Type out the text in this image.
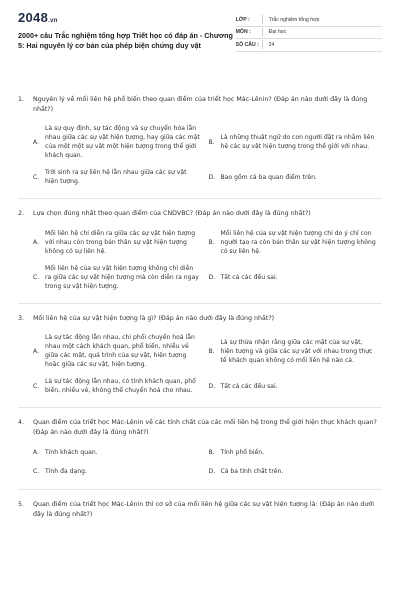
2048.vn
2000+ câu Trắc nghiệm tổng hợp Triết học có đáp án - Chương 5: Hai nguyên lý cơ bản của phép biện chứng duy vật
LỚP :	Trắc nghiệm tổng hợp
MÔN :	Đại học
SỐ CÂU :	24
1.	Nguyên lý về mối liên hệ phổ biến theo quan điểm của triết học Mác-Lênin? (Đáp án nào dưới đây là đúng nhất?)
A.
Là sự quy định, sự tác động và sự chuyển hóa lẫn nhau giữa các sự vật hiện tượng, hay giữa các mặt của một một sự vật một hiện tượng trong thế giới khách quan.
B.
Là những thuật ngữ do con người đặt ra nhằm liên hệ các sự vật hiện tượng trong thế giới với nhau.
C.
Trời sinh ra sự liên hệ lẫn nhau giữa các sự vật hiện tượng.
D. Bao gồm cả ba quan điểm trên.
2.	Lựa chọn đúng nhất theo quan điểm của CNDVBC? (Đáp án nào dưới đây là đúng nhất?)
A.
Mối liên hệ chỉ diễn ra giữa các sự vật hiện tượng với nhau còn trong bản thân sự vật hiện tượng không có sự liên hệ.
B.
Mối liên hệ của sự vật hiện tượng chỉ do ý chí con người tạo ra còn bản thân sự vật hiện tượng không có sự liên hệ.
C.
Mối liên hệ của sự vật hiện tượng không chỉ diễn ra giữa các sự vật hiện tượng mà còn diễn ra ngay trong sự vật hiện tượng.
D. Tất cả các đều sai.
3.	Mối liên hệ của sự vật hiện tượng là gì? (Đáp án nào dưới đây là đúng nhất?)
A.
Là sự tác động lẫn nhau, chi phối chuyển hoá lẫn nhau một cách khách quan, phổ biến, nhiều vẻ giữa các mặt, quá trình của sự vật, hiện tượng hoặc giữa các sự vật, hiện tượng.
B.
Là sự thừa nhận rằng giữa các mặt của sự vật, hiện tượng và giữa các sự vật với nhau trong thực tế khách quan không có mối liên hệ nào cả.
C.
Là sự tác động lẫn nhau, có tính khách quan, phổ biến, nhiều vẻ, không thể chuyển hoá cho nhau.
D. Tất cả các đều sai.
4.	Quan điểm của triết học Mác-Lênin về các tính chất của các mối liên hệ trong thế giới hiện thực khách quan? (Đáp án nào dưới đây là đúng nhất?)
A. Tính khách quan.	B. Tính phổ biến.
C. Tính đa dạng.	D. Cả ba tính chất trên.
5.	Quan điểm của triết học Mác-Lênin thì cơ sở của mối liên hệ giữa các sự vật hiện tượng là: (Đáp án nào dưới đây là đúng nhất?)
